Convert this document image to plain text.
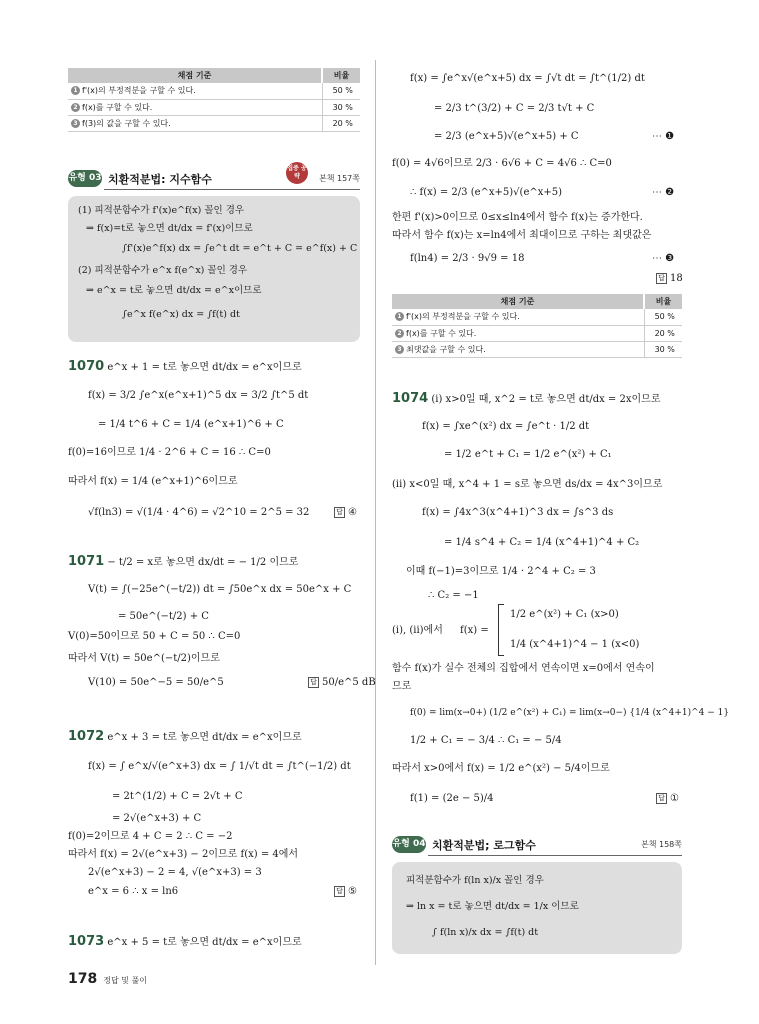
채점 기준	비율
1 f'(x)의 부정적분을 구할 수 있다.	50 %
2 f(x)를 구할 수 있다.	30 %
3 f(3)의 값을 구할 수 있다.	20 %
유형 03 치환적분법: 지수함수
집중 공략	본책 157쪽
(1) 피적분함수가 f'(x)e^f(x) 꼴인 경우
⇒ f(x)=t로 놓으면 dt/dx = f'(x)이므로
∫f'(x)e^f(x) dx = ∫e^t dt = e^t + C = e^f(x) + C
(2) 피적분함수가 e^x f(e^x) 꼴인 경우
⇒ e^x = t로 놓으면 dt/dx = e^x이므로
∫e^x f(e^x) dx = ∫f(t) dt
1070 e^x + 1 = t로 놓으면 dt/dx = e^x이므로
f(x) = 3/2 ∫e^x(e^x+1)^5 dx = 3/2 ∫t^5 dt
= 1/4 t^6 + C = 1/4 (e^x+1)^6 + C
f(0)=16이므로 1/4 · 2^6 + C = 16 ∴ C=0
따라서 f(x) = 1/4 (e^x+1)^6이므로
√f(ln3) = √(1/4 · 4^6) = √2^10 = 2^5 = 32	답 ④
1071 − t/2 = x로 놓으면 dx/dt = − 1/2 이므로
V(t) = ∫(−25e^(−t/2)) dt = ∫50e^x dx = 50e^x + C
= 50e^(−t/2) + C
V(0)=50이므로 50 + C = 50 ∴ C=0
따라서 V(t) = 50e^(−t/2)이므로
V(10) = 50e^−5 = 50/e^5	답 50/e^5 dB
1072 e^x + 3 = t로 놓으면 dt/dx = e^x이므로
f(x) = ∫ e^x/√(e^x+3) dx = ∫ 1/√t dt = ∫t^(−1/2) dt
= 2t^(1/2) + C = 2√t + C
= 2√(e^x+3) + C
f(0)=2이므로 4 + C = 2 ∴ C = −2
따라서 f(x) = 2√(e^x+3) − 2이므로 f(x) = 4에서
2√(e^x+3) − 2 = 4, √(e^x+3) = 3
e^x = 6 ∴ x = ln6	답 ⑤
1073 e^x + 5 = t로 놓으면 dt/dx = e^x이므로
f(x) = ∫e^x√(e^x+5) dx = ∫√t dt = ∫t^(1/2) dt
= 2/3 t^(3/2) + C = 2/3 t√t + C
= 2/3 (e^x+5)√(e^x+5) + C	⋯ ❶
f(0) = 4√6이므로 2/3 · 6√6 + C = 4√6 ∴ C=0
∴ f(x) = 2/3 (e^x+5)√(e^x+5)	⋯ ❷
한편 f'(x)>0이므로 0≤x≤ln4에서 함수 f(x)는 증가한다.
따라서 함수 f(x)는 x=ln4에서 최대이므로 구하는 최댓값은
f(ln4) = 2/3 · 9√9 = 18	⋯ ❸
답 18
채점 기준	비율
1 f'(x)의 부정적분을 구할 수 있다.	50 %
2 f(x)를 구할 수 있다.	20 %
3 최댓값을 구할 수 있다.	30 %
1074 (i) x>0일 때, x^2 = t로 놓으면 dt/dx = 2x이므로
f(x) = ∫xe^(x²) dx = ∫e^t · 1/2 dt
= 1/2 e^t + C₁ = 1/2 e^(x²) + C₁
(ii) x<0일 때, x^4 + 1 = s로 놓으면 ds/dx = 4x^3이므로
f(x) = ∫4x^3(x^4+1)^3 dx = ∫s^3 ds
= 1/4 s^4 + C₂ = 1/4 (x^4+1)^4 + C₂
이때 f(−1)=3이므로 1/4 · 2^4 + C₂ = 3
∴ C₂ = −1
(i), (ii)에서 f(x) =
1/2 e^(x²) + C₁ (x>0)
1/4 (x^4+1)^4 − 1 (x<0)
함수 f(x)가 실수 전체의 집합에서 연속이면 x=0에서 연속이
므로
f(0) = lim(x→0+) (1/2 e^(x²) + C₁) = lim(x→0−) {1/4 (x^4+1)^4 − 1}
1/2 + C₁ = − 3/4 ∴ C₁ = − 5/4
따라서 x>0에서 f(x) = 1/2 e^(x²) − 5/4이므로
f(1) = (2e − 5)/4	답 ①
유형 04 치환적분법; 로그함수	본책 158쪽
피적분함수가 f(ln x)/x 꼴인 경우
⇒ ln x = t로 놓으면 dt/dx = 1/x 이므로
∫ f(ln x)/x dx = ∫f(t) dt
178 정답 및 풀이
